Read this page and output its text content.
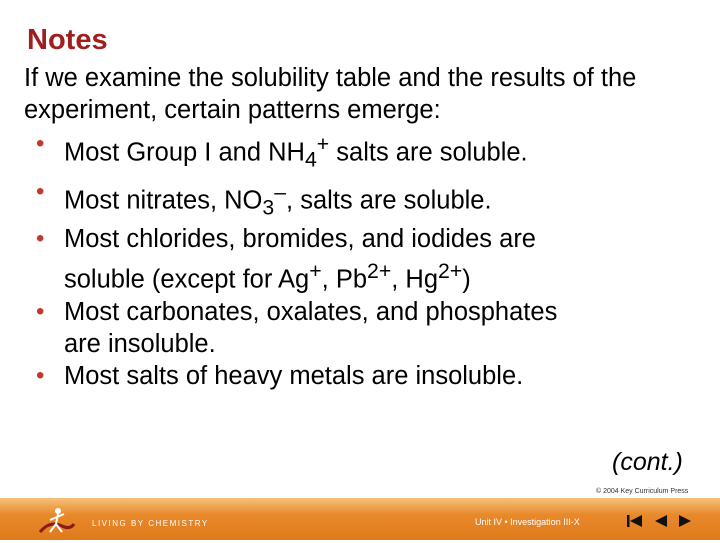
Notes

If we examine the solubility table and the results of the experiment, certain patterns emerge:

• Most Group I and $NH_4^+$ salts are soluble.
• Most nitrates, $NO_3^-$, salts are soluble.
• Most chlorides, bromides, and iodides are
soluble (except for Ag+, $Pb^{2+}$, $Hg^{2+}$)
• Most carbonates, oxalates, and phosphates
are insoluble.
• Most salts of heavy metals are insoluble.
(cont.)
© 2004 Key Curriculum Press
LIVING BY CHEMISTRY	Unit IV • Investigation III-X
